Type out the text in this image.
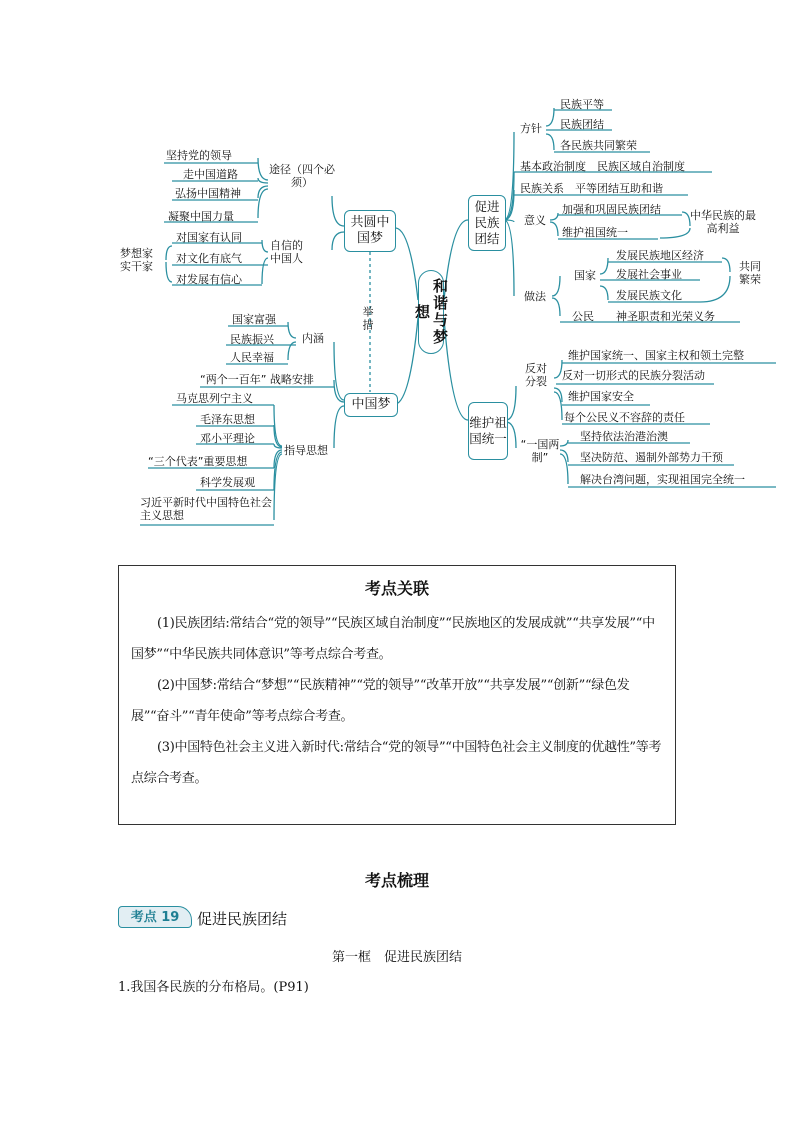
和谐与梦想
共圆中国梦
举措
中国梦
促进民族团结
维护祖国统一
途径（四个必须）
坚持党的领导
走中国道路
弘扬中国精神
凝聚中国力量
自信的中国人
对国家有认同
对文化有底气
对发展有信心
梦想家实干家
内涵
国家富强
民族振兴
人民幸福
“两个一百年” 战略安排
指导思想
马克思列宁主义
毛泽东思想
邓小平理论
“三个代表”重要思想
科学发展观
习近平新时代中国特色社会主义思想
方针
民族平等
民族团结
各民族共同繁荣
基本政治制度　民族区域自治制度
民族关系　平等团结互助和谐
意义
加强和巩固民族团结
维护祖国统一
中华民族的最高利益
做法
国家
发展民族地区经济
发展社会事业
发展民族文化
共同繁荣
公民 神圣职责和光荣义务
反对分裂
维护国家统一、国家主权和领土完整
反对一切形式的民族分裂活动
维护国家安全
每个公民义不容辞的责任
“一国两制”
坚持依法治港治澳
坚决防范、遏制外部势力干预
解决台湾问题，实现祖国完全统一
考点关联

(1)民族团结:常结合“党的领导”“民族区域自治制度”“民族地区的发展成就”“共享发展”“中国梦”“中华民族共同体意识”等考点综合考查。

(2)中国梦:常结合“梦想”“民族精神”“党的领导”“改革开放”“共享发展”“创新”“绿色发展”“奋斗”“青年使命”等考点综合考查。

(3)中国特色社会主义进入新时代:常结合“党的领导”“中国特色社会主义制度的优越性”等考点综合考查。

考点梳理
考点 19	促进民族团结
第一框　促进民族团结
1.我国各民族的分布格局。(P91)
